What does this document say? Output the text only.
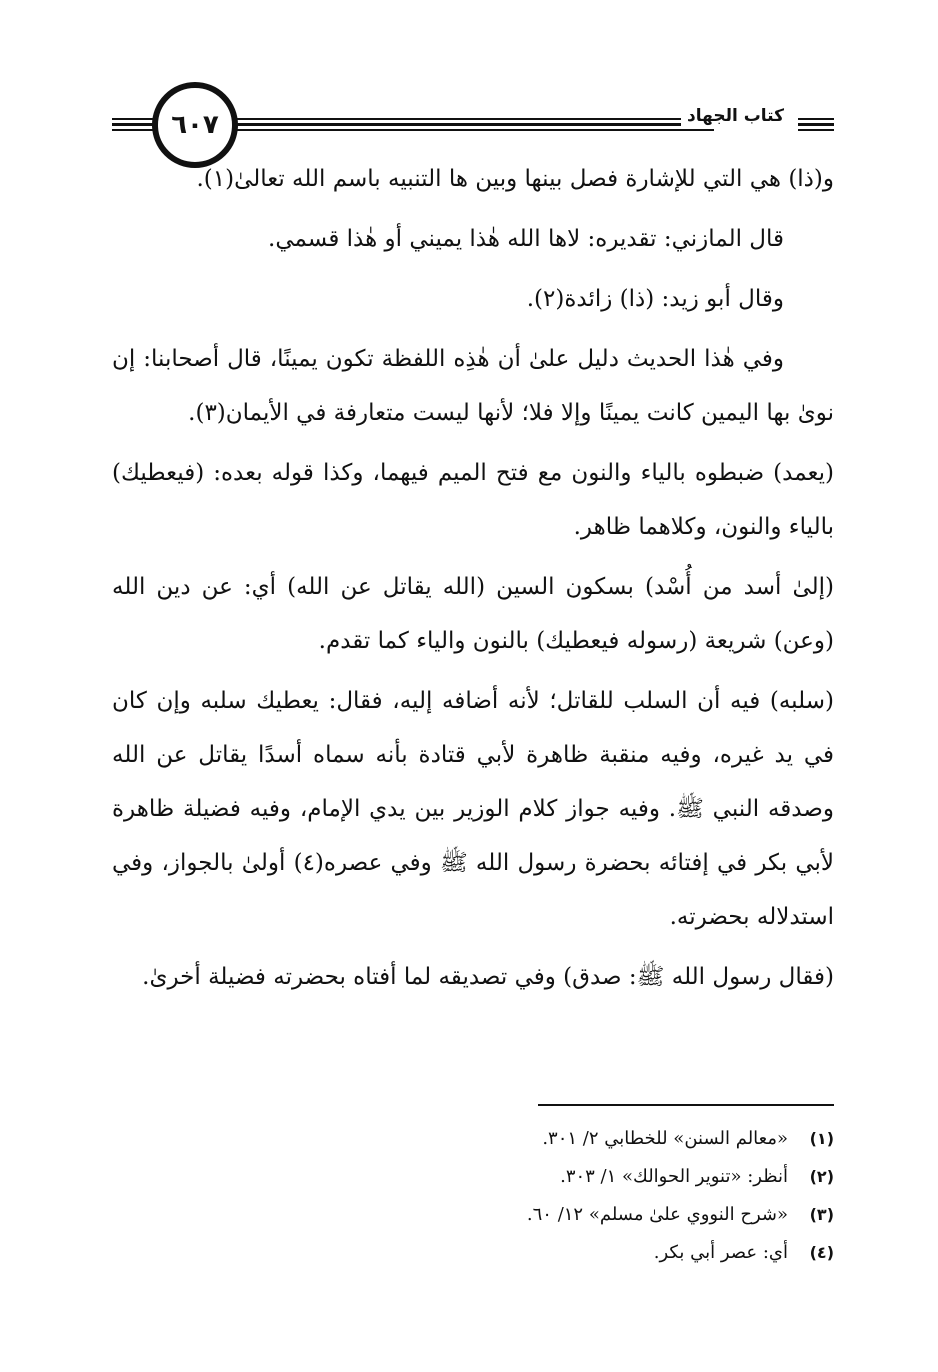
٦٠٧	كتاب الجهاد

و(ذا) هي التي للإشارة فصل بينها وبين ها التنبيه باسم الله تعالىٰ(١).

قال المازني: تقديره: لاها الله هٰذا يميني أو هٰذا قسمي.

وقال أبو زيد: (ذا) زائدة(٢).

وفي هٰذا الحديث دليل علىٰ أن هٰذِه اللفظة تكون يمينًا، قال أصحابنا: إن نوىٰ بها اليمين كانت يمينًا وإلا فلا؛ لأنها ليست متعارفة في الأيمان(٣).

(يعمد) ضبطوه بالياء والنون مع فتح الميم فيهما، وكذا قوله بعده: (فيعطيك) بالياء والنون، وكلاهما ظاهر.

(إلىٰ أسد من أُسْد) بسكون السين (الله يقاتل عن الله) أي: عن دين الله (وعن) شريعة (رسوله فيعطيك) بالنون والياء كما تقدم.

(سلبه) فيه أن السلب للقاتل؛ لأنه أضافه إليه، فقال: يعطيك سلبه وإن كان في يد غيره، وفيه منقبة ظاهرة لأبي قتادة بأنه سماه أسدًا يقاتل عن الله وصدقه النبي ﷺ. وفيه جواز كلام الوزير بين يدي الإمام، وفيه فضيلة ظاهرة لأبي بكر في إفتائه بحضرة رسول الله ﷺ وفي عصره(٤) أولىٰ بالجواز، وفي استدلاله بحضرته.

(فقال رسول الله ﷺ: صدق) وفي تصديقه لما أفتاه بحضرته فضيلة أخرىٰ.

(١)«معالم السنن» للخطابي ٢/ ٣٠١.

(٢)أنظر: «تنوير الحوالك» ١/ ٣٠٣.

(٣)«شرح النووي علىٰ مسلم» ١٢/ ٦٠.

(٤)أي: عصر أبي بكر.
